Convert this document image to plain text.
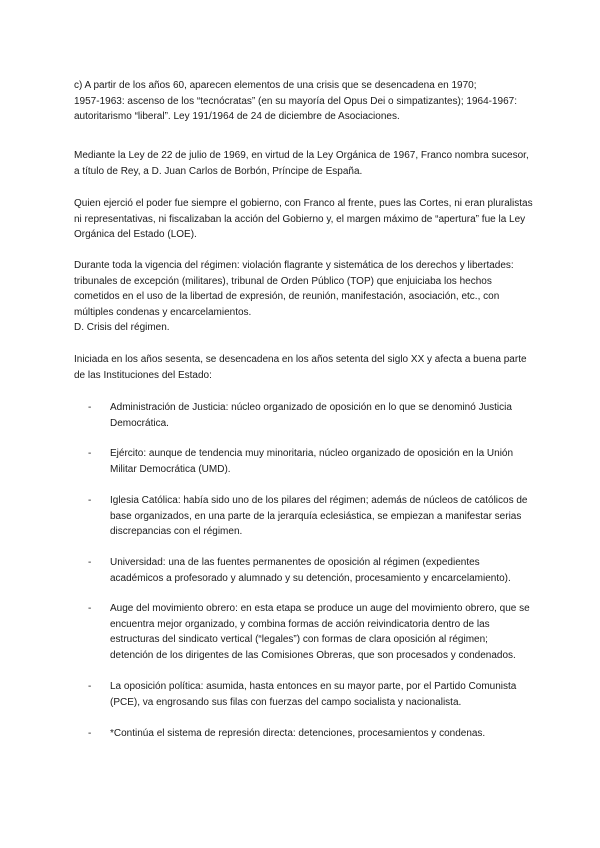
c) A partir de los años 60, aparecen elementos de una crisis que se desencadena en 1970;

1957-1963: ascenso de los “tecnócratas” (en su mayoría del Opus Dei o simpatizantes); 1964-1967:

autoritarismo “liberal”. Ley 191/1964 de 24 de diciembre de Asociaciones.

Mediante la Ley de 22 de julio de 1969, en virtud de la Ley Orgánica de 1967, Franco nombra sucesor, a título de Rey, a D. Juan Carlos de Borbón, Príncipe de España.

Quien ejerció el poder fue siempre el gobierno, con Franco al frente, pues las Cortes, ni eran pluralistas ni representativas, ni fiscalizaban la acción del Gobierno y, el margen máximo de “apertura” fue la Ley Orgánica del Estado (LOE).

Durante toda la vigencia del régimen: violación flagrante y sistemática de los derechos y libertades: tribunales de excepción (militares), tribunal de Orden Público (TOP) que enjuiciaba los hechos cometidos en el uso de la libertad de expresión, de reunión, manifestación, asociación, etc., con múltiples condenas y encarcelamientos.

D. Crisis del régimen.

Iniciada en los años sesenta, se desencadena en los años setenta del siglo XX y afecta a buena parte de las Instituciones del Estado:

-	Administración de Justicia: núcleo organizado de oposición en lo que se denominó Justicia Democrática.

-	Ejército: aunque de tendencia muy minoritaria, núcleo organizado de oposición en la Unión Militar Democrática (UMD).

-	Iglesia Católica: había sido uno de los pilares del régimen; además de núcleos de católicos de base organizados, en una parte de la jerarquía eclesiástica, se empiezan a manifestar serias discrepancias con el régimen.

-	Universidad: una de las fuentes permanentes de oposición al régimen (expedientes académicos a profesorado y alumnado y su detención, procesamiento y encarcelamiento).

-	Auge del movimiento obrero: en esta etapa se produce un auge del movimiento obrero, que se encuentra mejor organizado, y combina formas de acción reivindicatoria dentro de las estructuras del sindicato vertical (“legales”) con formas de clara oposición al régimen; detención de los dirigentes de las Comisiones Obreras, que son procesados y condenados.

-	La oposición política: asumida, hasta entonces en su mayor parte, por el Partido Comunista (PCE), va engrosando sus filas con fuerzas del campo socialista y nacionalista.

-	*Continúa el sistema de represión directa: detenciones, procesamientos y condenas.
